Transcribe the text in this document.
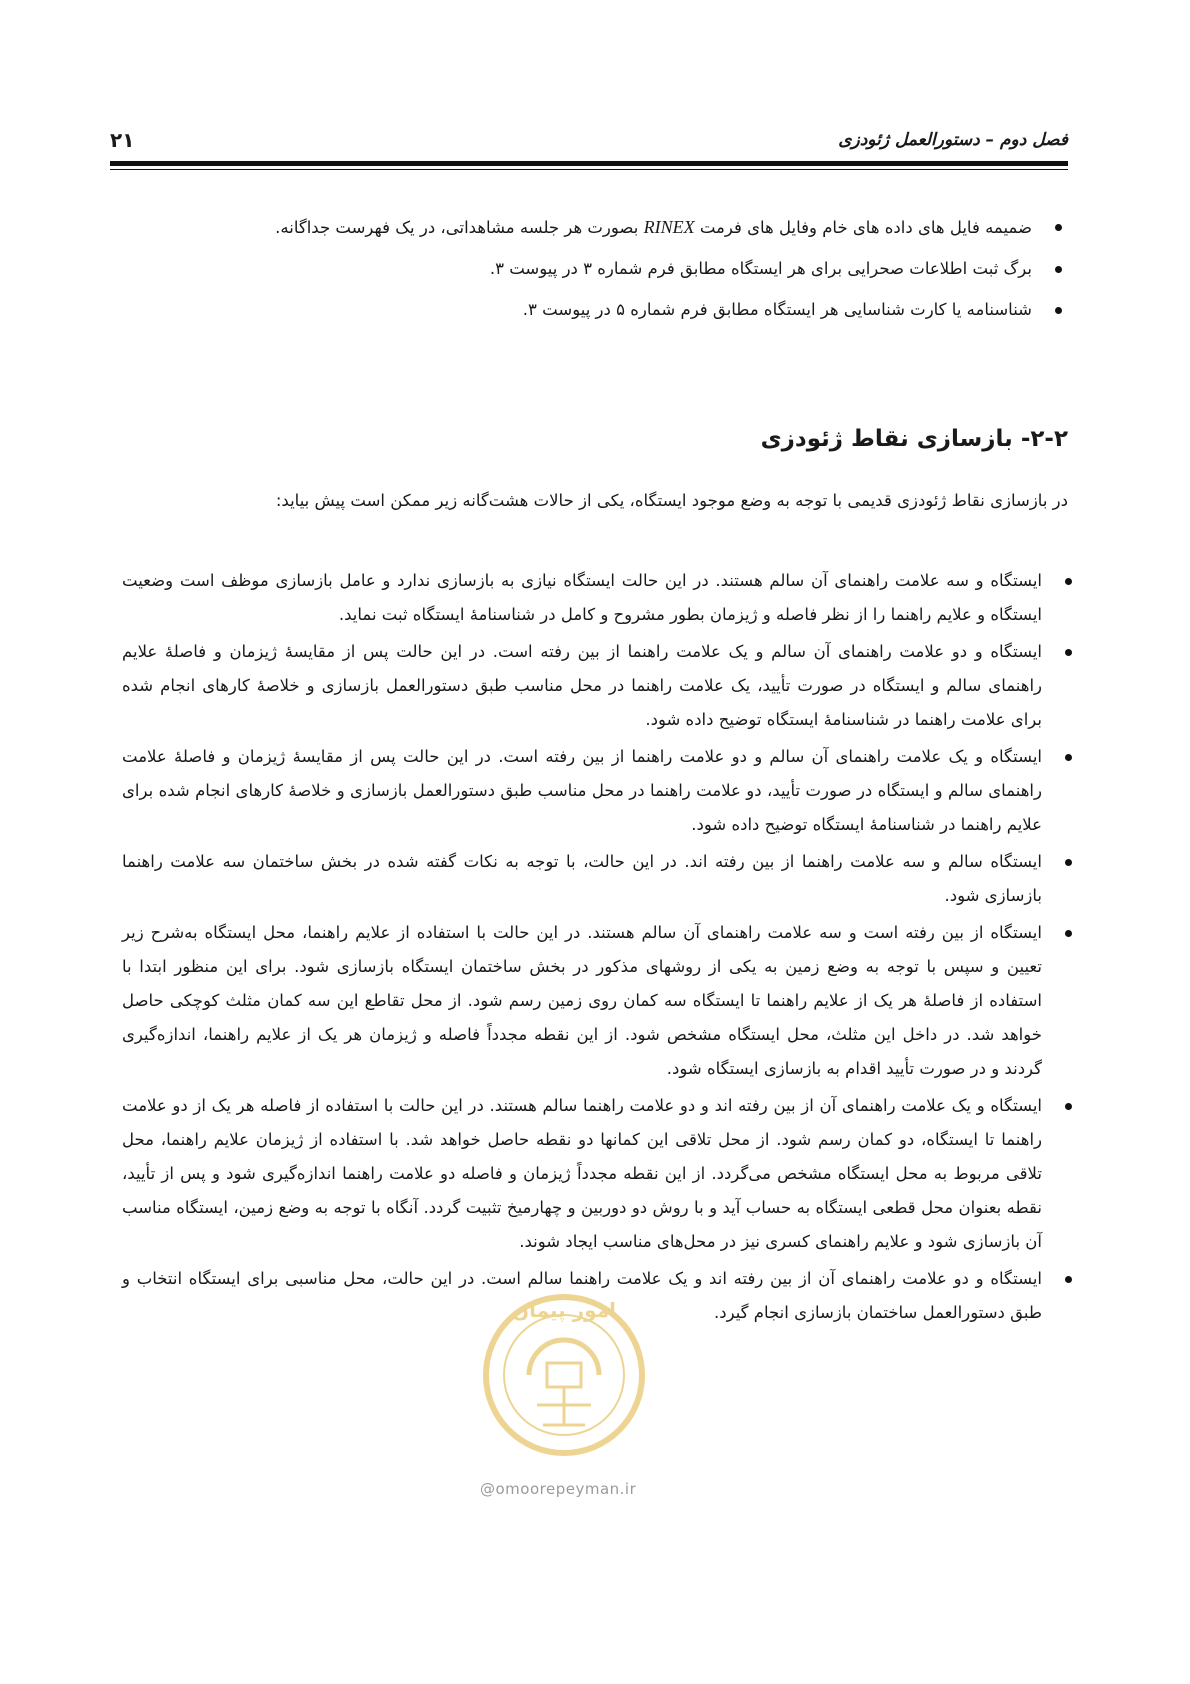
فصل دوم – دستورالعمل ژئودزی
۲۱
ضمیمه فایل های داده های خام وفایل های فرمت RINEX بصورت هر جلسه مشاهداتی، در یک فهرست جداگانه.
برگ ثبت اطلاعات صحرایی برای هر ایستگاه مطابق فرم شماره ۳ در پیوست ۳.
شناسنامه یا کارت شناسایی هر ایستگاه مطابق فرم شماره ۵ در پیوست ۳.
۲-۲- بازسازی نقاط ژئودزی

در بازسازی نقاط ژئودزی قدیمی با توجه به وضع موجود ایستگاه، یکی از حالات هشت‌گانه زیر ممکن است پیش بیاید:

ایستگاه و سه علامت راهنمای آن سالم هستند. در این حالت ایستگاه نیازی به بازسازی ندارد و عامل بازسازی موظف است وضعیت ایستگاه و علایم راهنما را از نظر فاصله و ژیزمان بطور مشروح و کامل در شناسنامهٔ ایستگاه ثبت نماید.
ایستگاه و دو علامت راهنمای آن سالم و یک علامت راهنما از بین رفته است. در این حالت پس از مقایسهٔ ژیزمان و فاصلهٔ علایم راهنمای سالم و ایستگاه در صورت تأیید، یک علامت راهنما در محل مناسب طبق دستورالعمل بازسازی و خلاصهٔ کارهای انجام شده برای علامت راهنما در شناسنامهٔ ایستگاه توضیح داده شود.
ایستگاه و یک علامت راهنمای آن سالم و دو علامت راهنما از بین رفته است. در این حالت پس از مقایسهٔ ژیزمان و فاصلهٔ علامت راهنمای سالم و ایستگاه در صورت تأیید، دو علامت راهنما در محل مناسب طبق دستورالعمل بازسازی و خلاصهٔ کارهای انجام شده برای علایم راهنما در شناسنامهٔ ایستگاه توضیح داده شود.
ایستگاه سالم و سه علامت راهنما از بین رفته اند. در این حالت، با توجه به نکات گفته شده در بخش ساختمان سه علامت راهنما بازسازی شود.
ایستگاه از بین رفته است و سه علامت راهنمای آن سالم هستند. در این حالت با استفاده از علایم راهنما، محل ایستگاه به‌شرح زیر تعیین و سپس با توجه به وضع زمین به یکی از روشهای مذکور در بخش ساختمان ایستگاه بازسازی شود. برای این منظور ابتدا با استفاده از فاصلهٔ هر یک از علایم راهنما تا ایستگاه سه کمان روی زمین رسم شود. از محل تقاطع این سه کمان مثلث کوچکی حاصل خواهد شد. در داخل این مثلث، محل ایستگاه مشخص شود. از این نقطه مجدداً فاصله و ژیزمان هر یک از علایم راهنما، اندازه‌گیری گردند و در صورت تأیید اقدام به بازسازی ایستگاه شود.
ایستگاه و یک علامت راهنمای آن از بین رفته اند و دو علامت راهنما سالم هستند. در این حالت با استفاده از فاصله هر یک از دو علامت راهنما تا ایستگاه، دو کمان رسم شود. از محل تلاقی این کمانها دو نقطه حاصل خواهد شد. با استفاده از ژیزمان علایم راهنما، محل تلاقی مربوط به محل ایستگاه مشخص می‌گردد. از این نقطه مجدداً ژیزمان و فاصله دو علامت راهنما اندازه‌گیری شود و پس از تأیید، نقطه بعنوان محل قطعی ایستگاه به حساب آید و با روش دو دوربین و چهارمیخ تثبیت گردد. آنگاه با توجه به وضع زمین، ایستگاه مناسب آن بازسازی شود و علایم راهنمای کسری نیز در محل‌های مناسب ایجاد شوند.
ایستگاه و دو علامت راهنمای آن از بین رفته اند و یک علامت راهنما سالم است. در این حالت، محل مناسبی برای ایستگاه انتخاب و طبق دستورالعمل ساختمان بازسازی انجام گیرد.
امور پیمان
@omoorepeyman.ir
